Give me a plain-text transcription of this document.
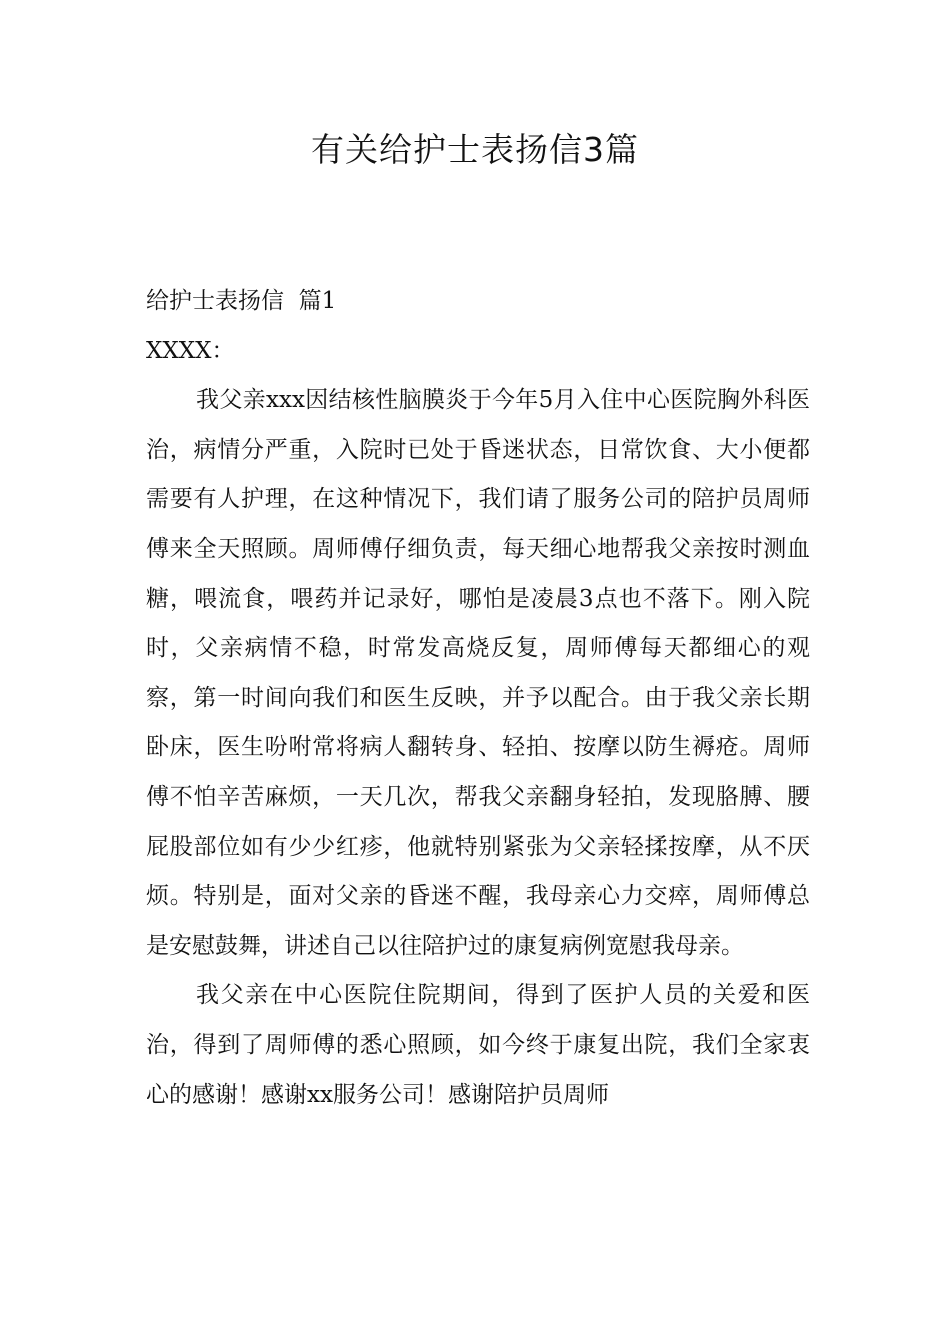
有关给护士表扬信3篇

给护士表扬信  篇1

XXXX：

我父亲xxx因结核性脑膜炎于今年5月入住中心医院胸外科医治，病情分严重，入院时已处于昏迷状态，日常饮食、大小便都需要有人护理，在这种情况下，我们请了服务公司的陪护员周师傅来全天照顾。周师傅仔细负责，每天细心地帮我父亲按时测血糖，喂流食，喂药并记录好，哪怕是凌晨3点也不落下。刚入院时，父亲病情不稳，时常发高烧反复，周师傅每天都细心的观察，第一时间向我们和医生反映，并予以配合。由于我父亲长期卧床，医生吩咐常将病人翻转身、轻拍、按摩以防生褥疮。周师傅不怕辛苦麻烦，一天几次，帮我父亲翻身轻拍，发现胳膊、腰屁股部位如有少少红疹，他就特别紧张为父亲轻揉按摩，从不厌烦。特别是，面对父亲的昏迷不醒，我母亲心力交瘁，周师傅总是安慰鼓舞，讲述自己以往陪护过的康复病例宽慰我母亲。

我父亲在中心医院住院期间，得到了医护人员的关爱和医治，得到了周师傅的悉心照顾，如今终于康复出院，我们全家衷心的感谢！感谢xx服务公司！感谢陪护员周师
